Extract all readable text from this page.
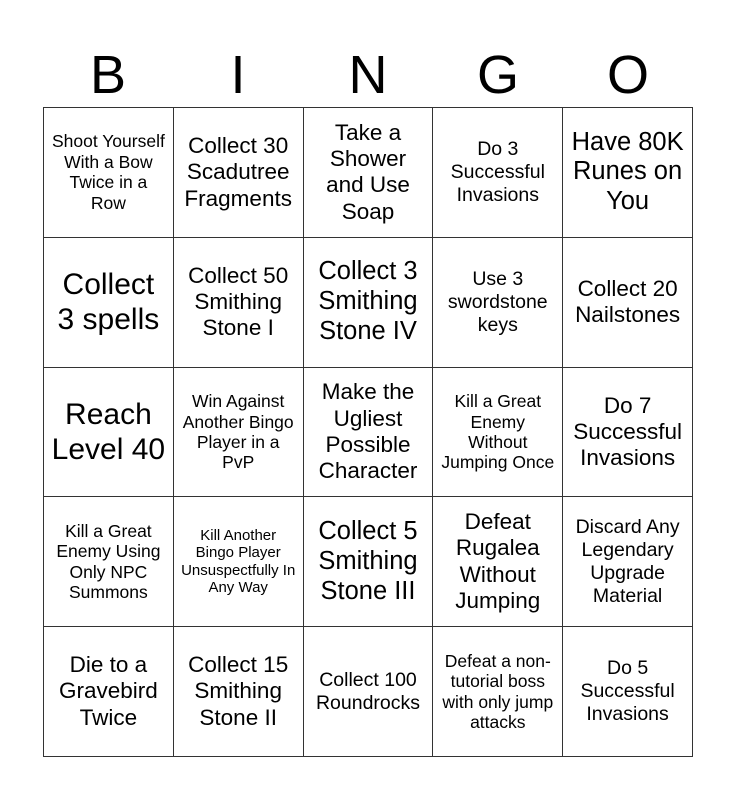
B	I	N	G	O
Shoot Yourself With a Bow Twice in a Row
Collect 30 Scadutree Fragments
Take a Shower and Use Soap
Do 3 Successful Invasions
Have 80K Runes on You
Collect 3 spells
Collect 50 Smithing Stone I
Collect 3 Smithing Stone IV
Use 3 swordstone keys
Collect 20 Nailstones
Reach Level 40
Win Against Another Bingo Player in a PvP
Make the Ugliest Possible Character
Kill a Great Enemy Without Jumping Once
Do 7 Successful Invasions
Kill a Great Enemy Using Only NPC Summons
Kill Another Bingo Player Unsuspectfully In Any Way
Collect 5 Smithing Stone III
Defeat Rugalea Without Jumping
Discard Any Legendary Upgrade Material
Die to a Gravebird Twice
Collect 15 Smithing Stone II
Collect 100 Roundrocks
Defeat a non-tutorial boss with only jump attacks
Do 5 Successful Invasions
